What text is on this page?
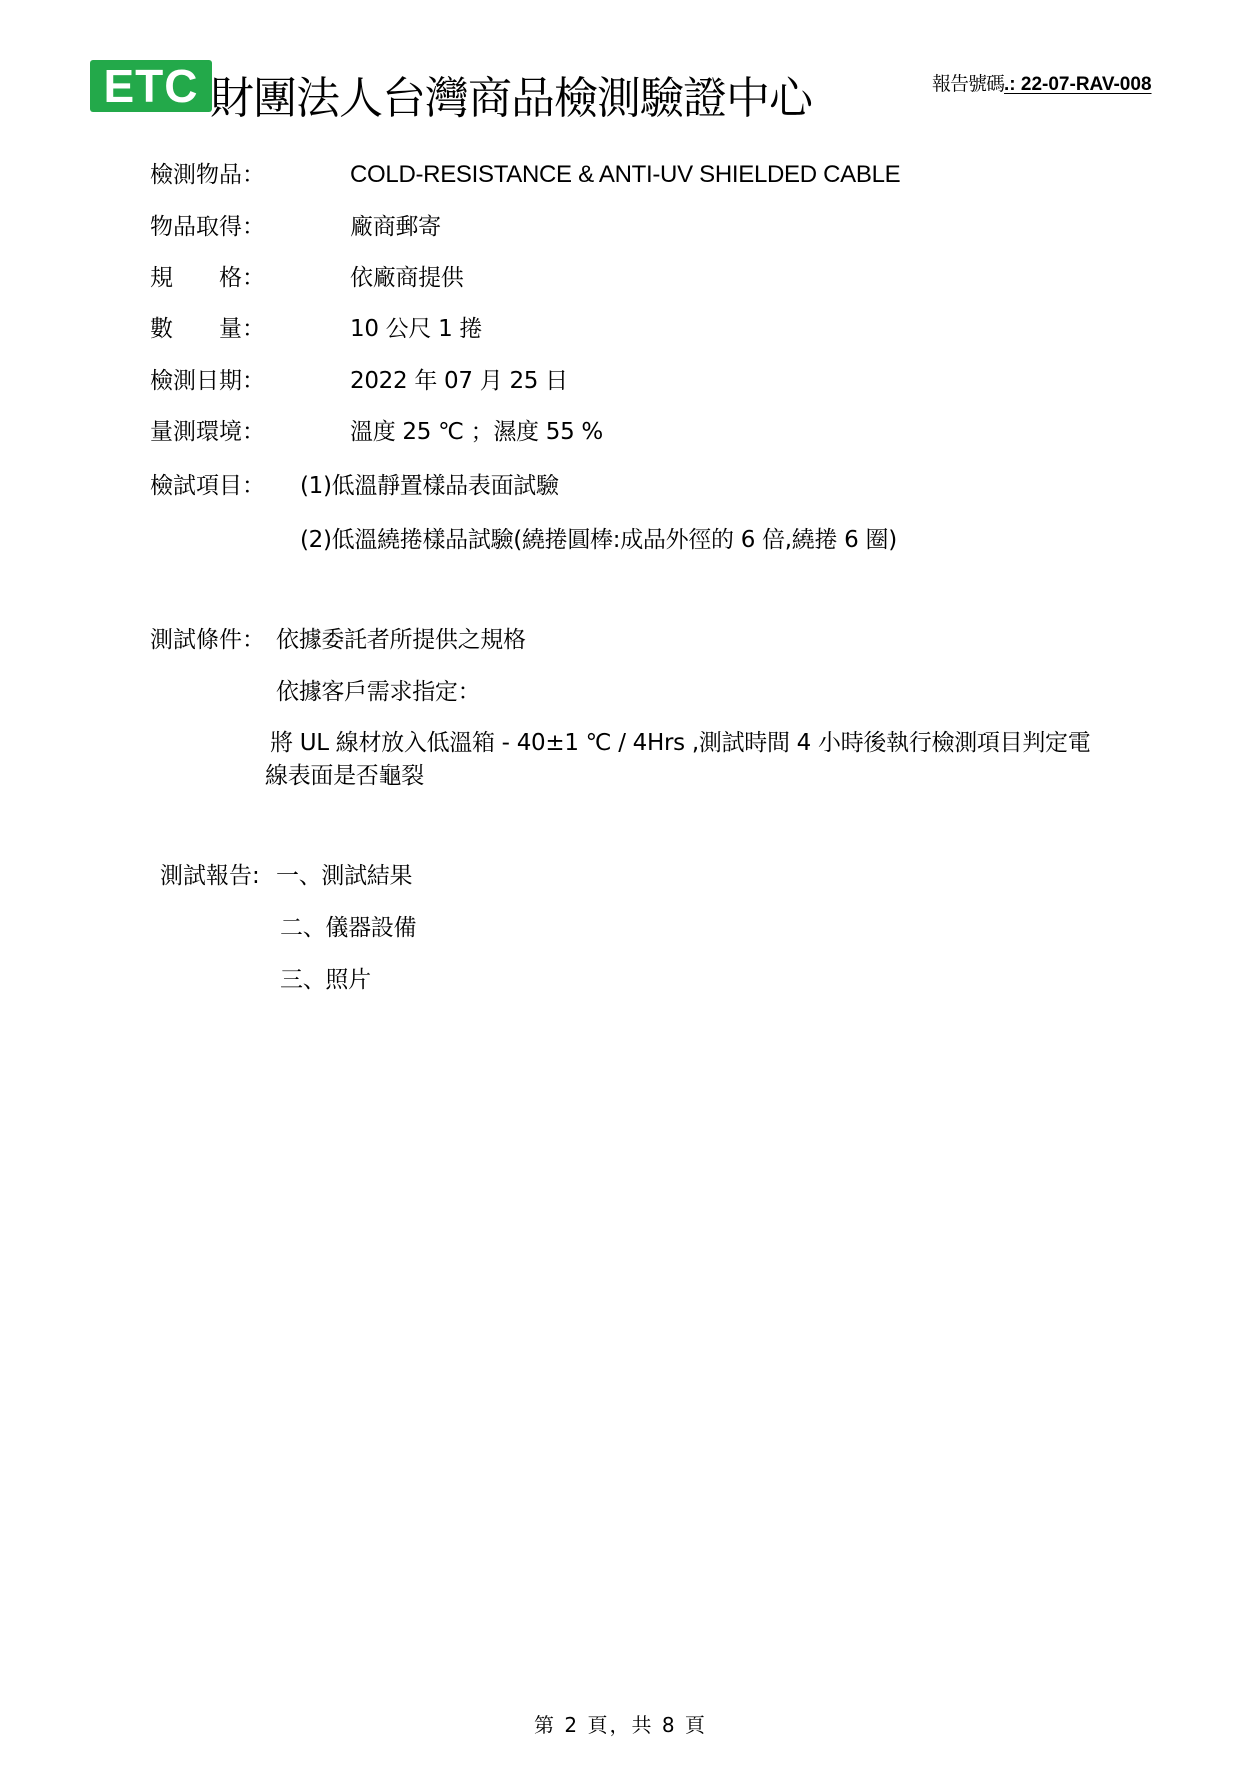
ETC 財團法人台灣商品檢測驗證中心	報告號碼.: 22-07-RAV-008
檢測物品：	COLD-RESISTANCE & ANTI-UV SHIELDED CABLE
物品取得：	廠商郵寄
規　　格：	依廠商提供
數　　量：	10 公尺 1 捲
檢測日期：	2022 年 07 月 25 日
量測環境：	溫度 25 ℃ ；濕度 55 %
檢試項目： (1)低溫靜置樣品表面試驗
(2)低溫繞捲樣品試驗(繞捲圓棒:成品外徑的 6 倍,繞捲 6 圈)
測試條件： 依據委託者所提供之規格
依據客戶需求指定：
將 UL 線材放入低溫箱 - 40±1 ℃ / 4Hrs ,測試時間 4 小時後執行檢測項目判定電
線表面是否龜裂
測試報告: 一、測試結果
二、儀器設備
三、照片
第 2 頁，共 8 頁
